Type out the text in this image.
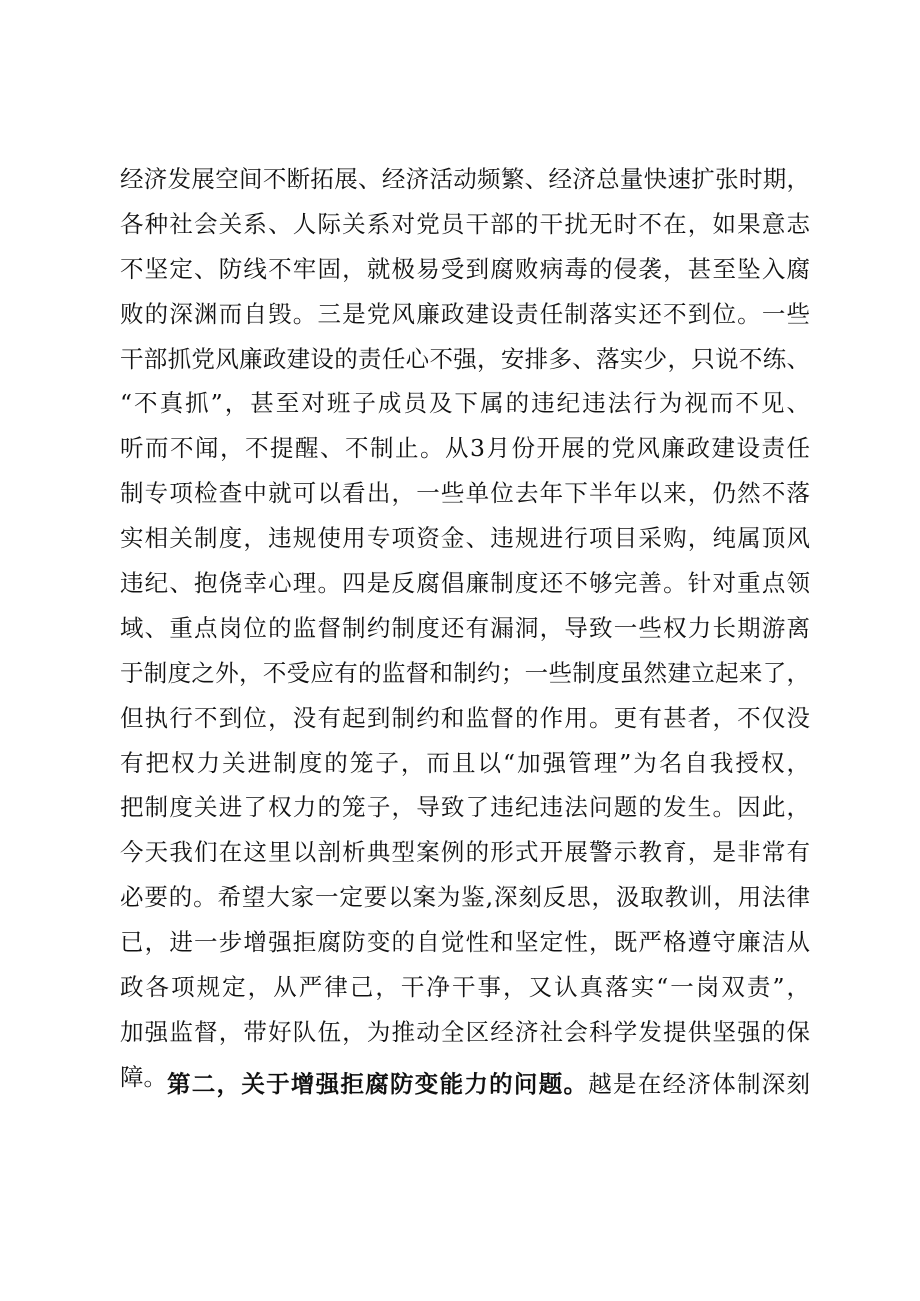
经济发展空间不断拓展、经济活动频繁、经济总量快速扩张时期，
各种社会关系、人际关系对党员干部的干扰无时不在，如果意志
不坚定、防线不牢固，就极易受到腐败病毒的侵袭，甚至坠入腐
败的深渊而自毁。三是党风廉政建设责任制落实还不到位。一些
干部抓党风廉政建设的责任心不强，安排多、落实少，只说不练、
“不真抓”，甚至对班子成员及下属的违纪违法行为视而不见、
听而不闻，不提醒、不制止。从3月份开展的党风廉政建设责任
制专项检查中就可以看出，一些单位去年下半年以来，仍然不落
实相关制度，违规使用专项资金、违规进行项目采购，纯属顶风
违纪、抱侥幸心理。四是反腐倡廉制度还不够完善。针对重点领
域、重点岗位的监督制约制度还有漏洞，导致一些权力长期游离
于制度之外，不受应有的监督和制约；一些制度虽然建立起来了，
但执行不到位，没有起到制约和监督的作用。更有甚者，不仅没
有把权力关进制度的笼子，而且以“加强管理”为名自我授权，
把制度关进了权力的笼子，导致了违纪违法问题的发生。因此，
今天我们在这里以剖析典型案例的形式开展警示教育，是非常有
必要的。希望大家一定要以案为鉴,深刻反思，汲取教训，用法律
已，进一步增强拒腐防变的自觉性和坚定性，既严格遵守廉洁从
政各项规定，从严律己，干净干事，又认真落实“一岗双责”，
加强监督，带好队伍，为推动全区经济社会科学发提供坚强的保
障。 第二，关于增强拒腐防变能力的问题。越是在经济体制深刻
